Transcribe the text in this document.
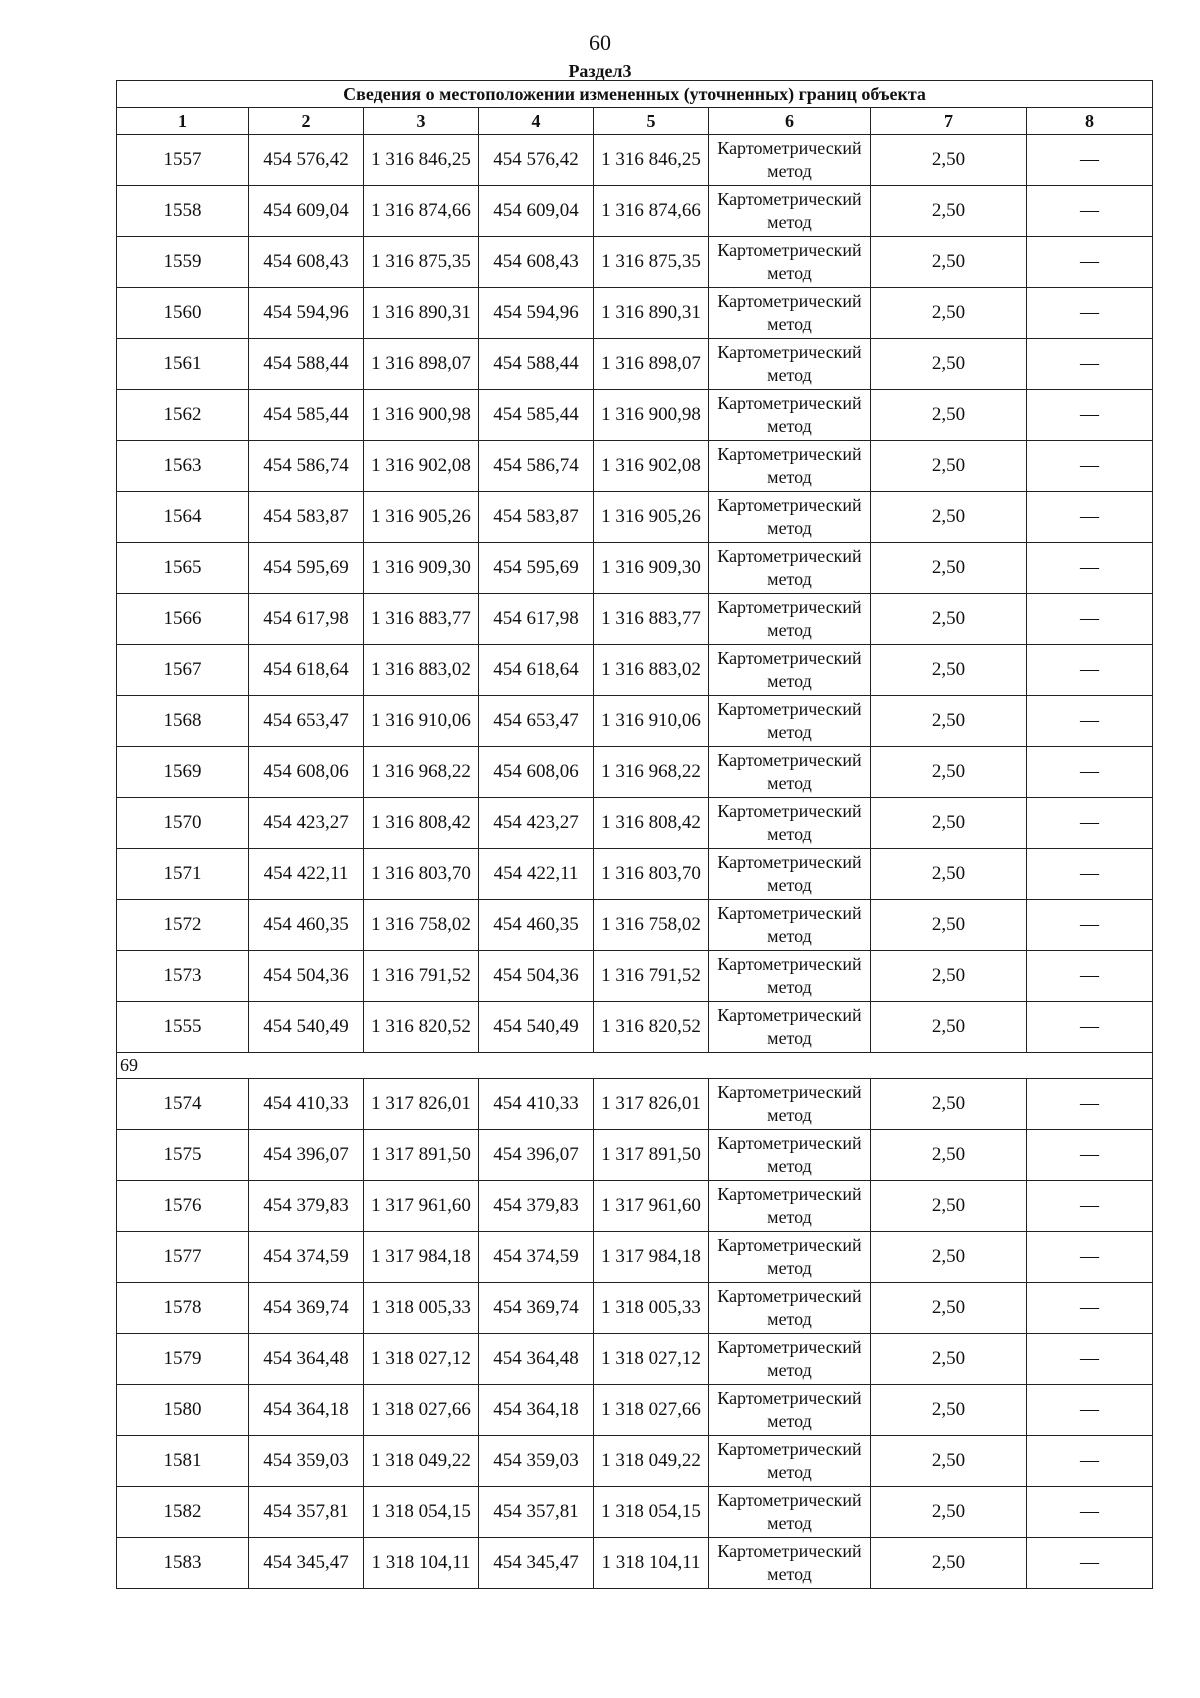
60
Раздел3
Сведения о местоположении измененных (уточненных) границ объекта							
1	2	3	4	5	6	7	8
1557	454 576,42	1 316 846,25	454 576,42	1 316 846,25	Картометрический метод	2,50	—
1558	454 609,04	1 316 874,66	454 609,04	1 316 874,66	Картометрический метод	2,50	—
1559	454 608,43	1 316 875,35	454 608,43	1 316 875,35	Картометрический метод	2,50	—
1560	454 594,96	1 316 890,31	454 594,96	1 316 890,31	Картометрический метод	2,50	—
1561	454 588,44	1 316 898,07	454 588,44	1 316 898,07	Картометрический метод	2,50	—
1562	454 585,44	1 316 900,98	454 585,44	1 316 900,98	Картометрический метод	2,50	—
1563	454 586,74	1 316 902,08	454 586,74	1 316 902,08	Картометрический метод	2,50	—
1564	454 583,87	1 316 905,26	454 583,87	1 316 905,26	Картометрический метод	2,50	—
1565	454 595,69	1 316 909,30	454 595,69	1 316 909,30	Картометрический метод	2,50	—
1566	454 617,98	1 316 883,77	454 617,98	1 316 883,77	Картометрический метод	2,50	—
1567	454 618,64	1 316 883,02	454 618,64	1 316 883,02	Картометрический метод	2,50	—
1568	454 653,47	1 316 910,06	454 653,47	1 316 910,06	Картометрический метод	2,50	—
1569	454 608,06	1 316 968,22	454 608,06	1 316 968,22	Картометрический метод	2,50	—
1570	454 423,27	1 316 808,42	454 423,27	1 316 808,42	Картометрический метод	2,50	—
1571	454 422,11	1 316 803,70	454 422,11	1 316 803,70	Картометрический метод	2,50	—
1572	454 460,35	1 316 758,02	454 460,35	1 316 758,02	Картометрический метод	2,50	—
1573	454 504,36	1 316 791,52	454 504,36	1 316 791,52	Картометрический метод	2,50	—
1555	454 540,49	1 316 820,52	454 540,49	1 316 820,52	Картометрический метод	2,50	—
69							
1574	454 410,33	1 317 826,01	454 410,33	1 317 826,01	Картометрический метод	2,50	—
1575	454 396,07	1 317 891,50	454 396,07	1 317 891,50	Картометрический метод	2,50	—
1576	454 379,83	1 317 961,60	454 379,83	1 317 961,60	Картометрический метод	2,50	—
1577	454 374,59	1 317 984,18	454 374,59	1 317 984,18	Картометрический метод	2,50	—
1578	454 369,74	1 318 005,33	454 369,74	1 318 005,33	Картометрический метод	2,50	—
1579	454 364,48	1 318 027,12	454 364,48	1 318 027,12	Картометрический метод	2,50	—
1580	454 364,18	1 318 027,66	454 364,18	1 318 027,66	Картометрический метод	2,50	—
1581	454 359,03	1 318 049,22	454 359,03	1 318 049,22	Картометрический метод	2,50	—
1582	454 357,81	1 318 054,15	454 357,81	1 318 054,15	Картометрический метод	2,50	—
1583	454 345,47	1 318 104,11	454 345,47	1 318 104,11	Картометрический метод	2,50	—
